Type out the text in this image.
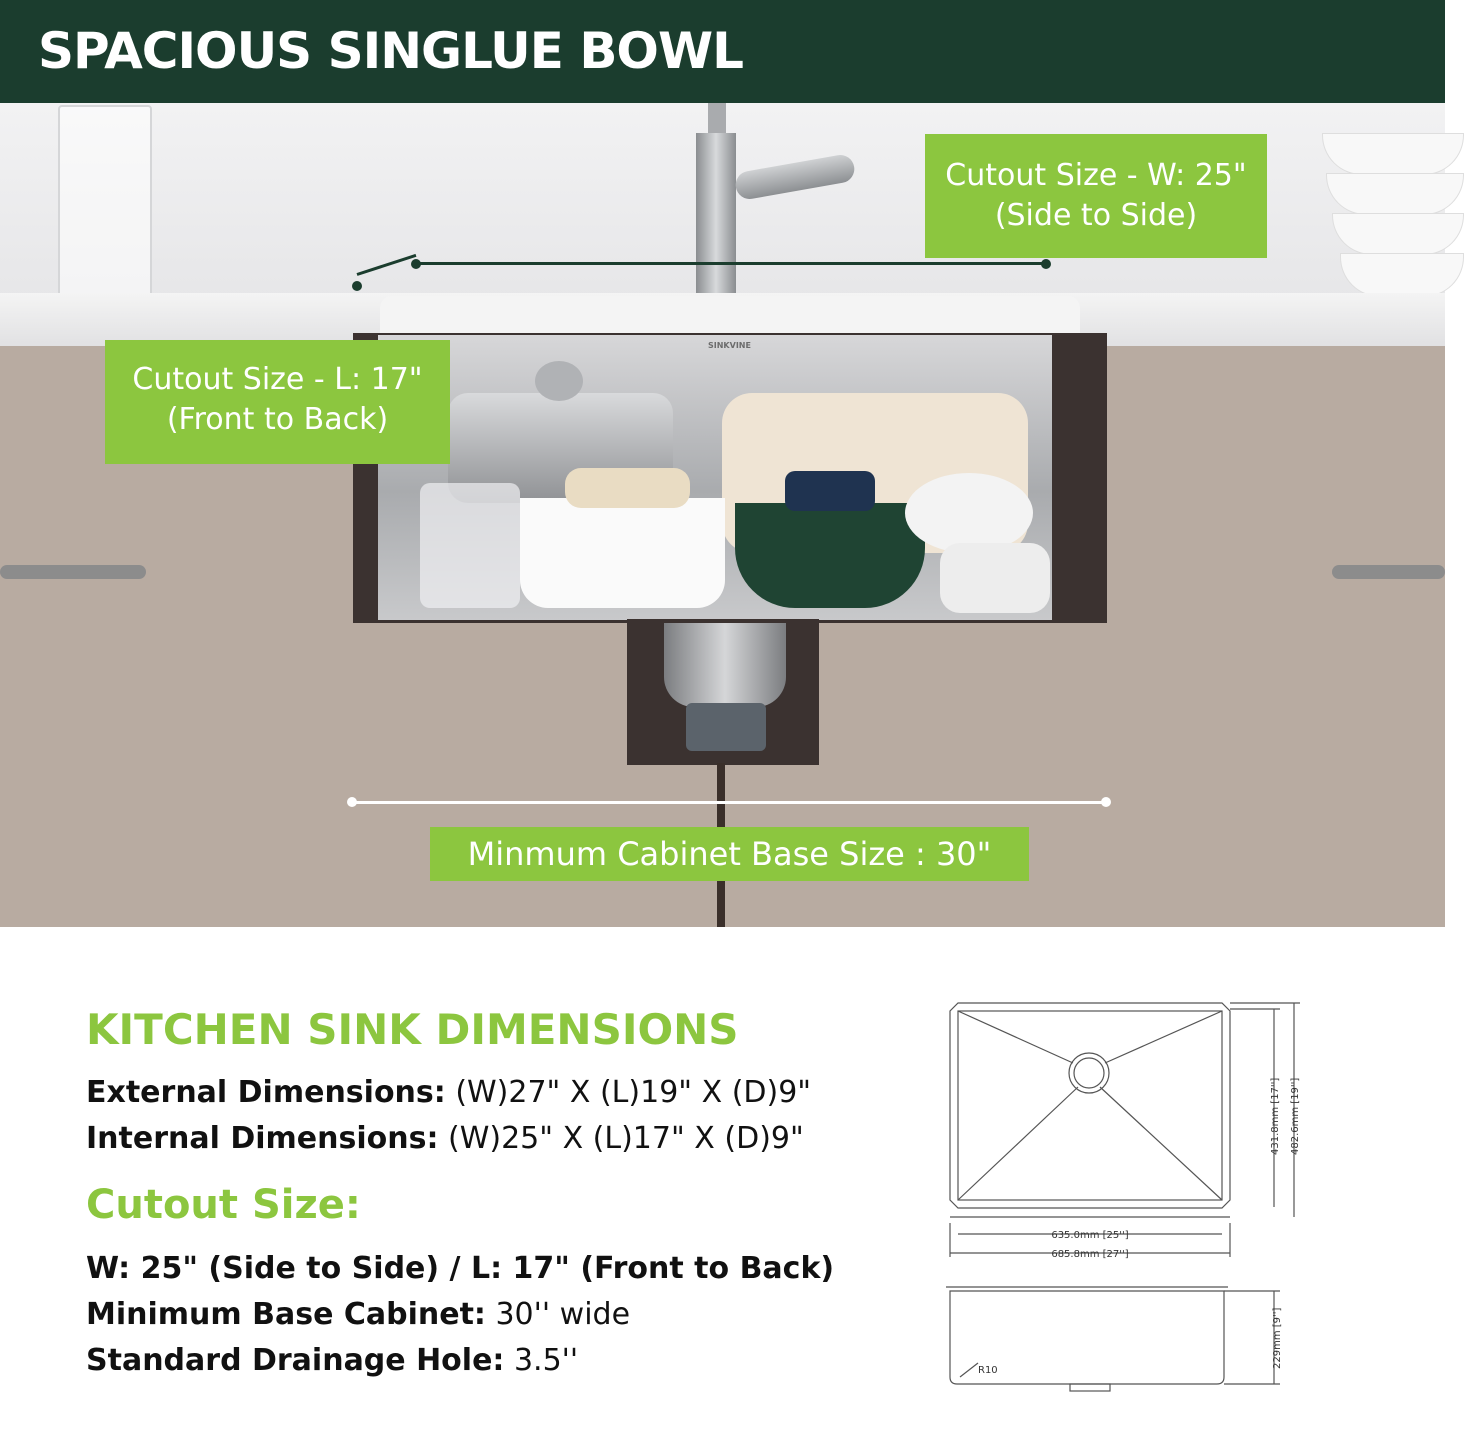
SPACIOUS SINGLUE BOWL
SINKVINE
Cutout Size - W: 25"
(Side to Side)
Cutout Size - L: 17"
(Front to Back)
Minmum Cabinet Base Size : 30"
KITCHEN SINK DIMENSIONS
External Dimensions: (W)27" X (L)19" X (D)9"
Internal Dimensions: (W)25" X (L)17" X (D)9"
Cutout Size:
W: 25" (Side to Side) / L: 17" (Front to Back)
Minimum Base Cabinet: 30'' wide
Standard Drainage Hole: 3.5''
635.0mm [25'']
685.8mm [27'']
431.8mm [17''] 482.6mm [19'']
229mm [9'']
R10
